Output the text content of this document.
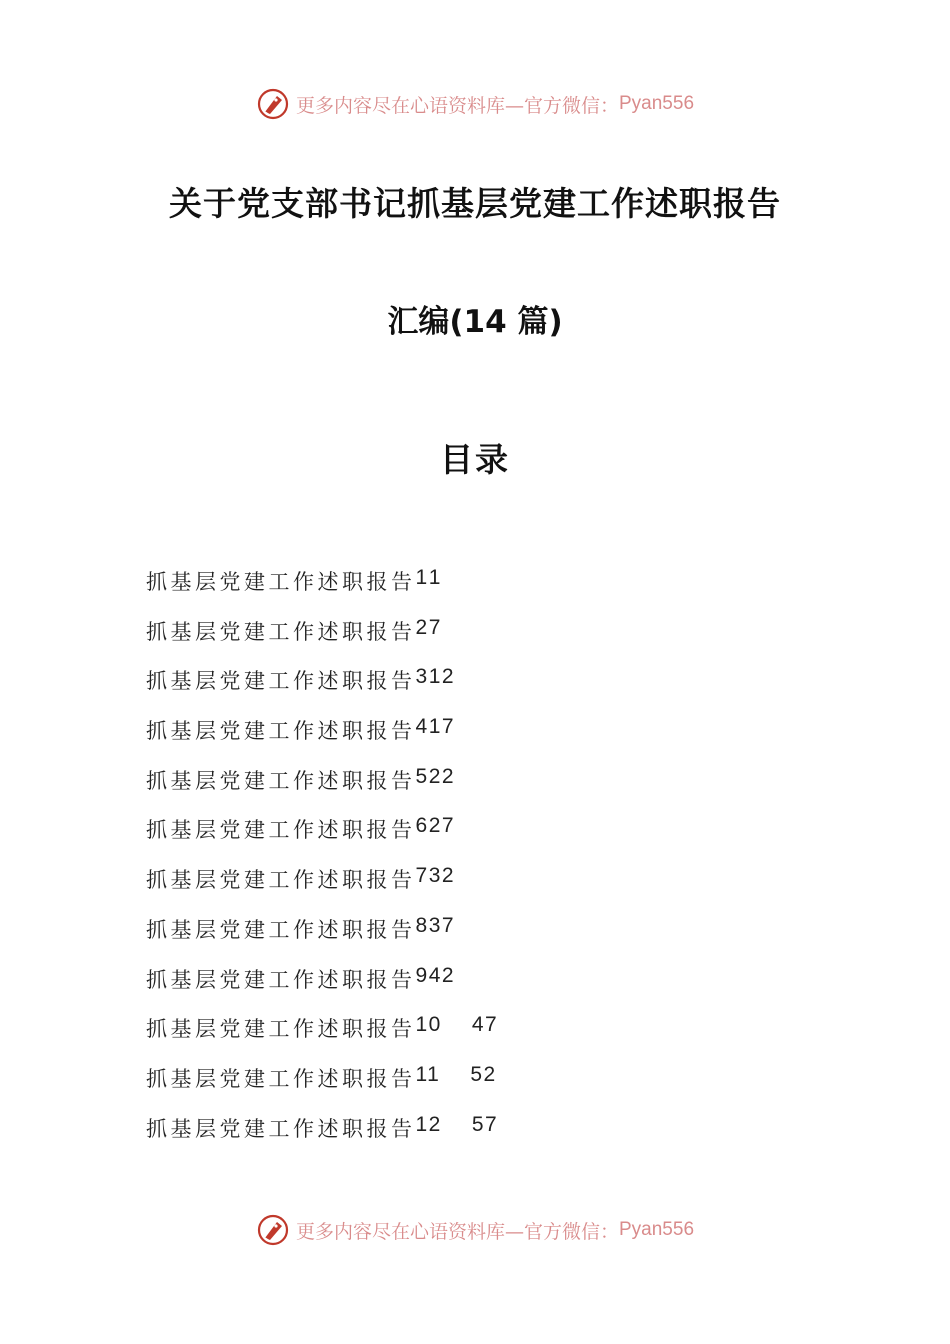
更多内容尽在心语资料库—官方微信： Pyan556
关于党支部书记抓基层党建工作述职报告
汇编(14 篇)
目录
抓基层党建工作述职报告 1 1
抓基层党建工作述职报告 2 7
抓基层党建工作述职报告 3 12
抓基层党建工作述职报告 4 17
抓基层党建工作述职报告 5 22
抓基层党建工作述职报告 6 27
抓基层党建工作述职报告 7 32
抓基层党建工作述职报告 8 37
抓基层党建工作述职报告 9 42
抓基层党建工作述职报告 10 47
抓基层党建工作述职报告 11 52
抓基层党建工作述职报告 12 57
更多内容尽在心语资料库—官方微信： Pyan556
